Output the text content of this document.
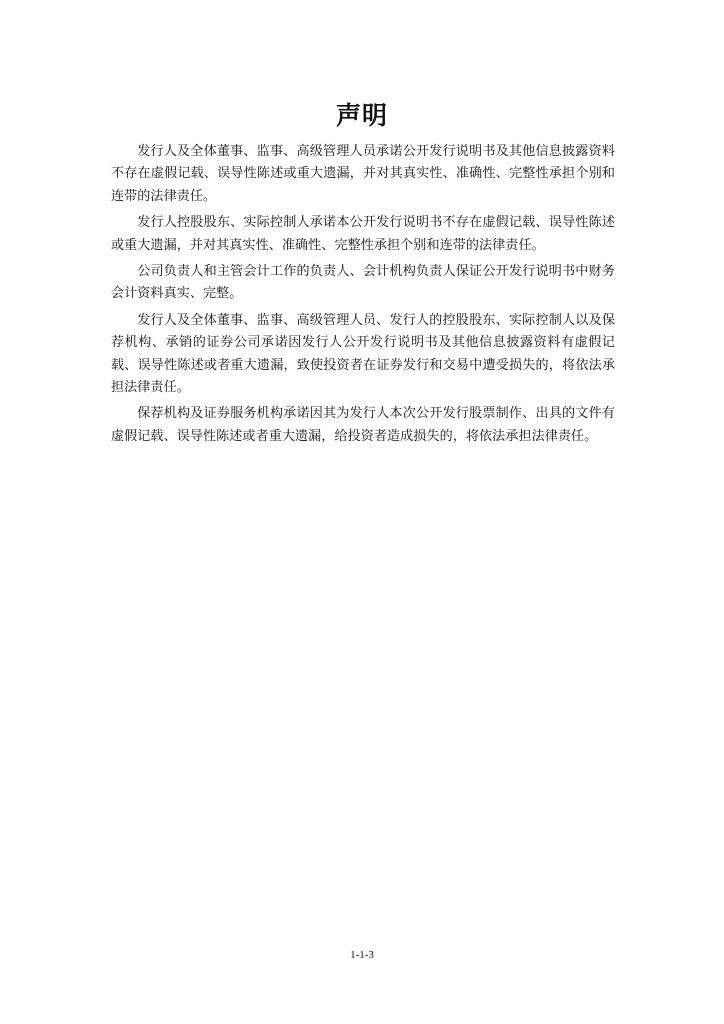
声明

发行人及全体董事、监事、高级管理人员承诺公开发行说明书及其他信息披露资料不存在虚假记载、误导性陈述或重大遗漏，并对其真实性、准确性、完整性承担个别和连带的法律责任。

发行人控股股东、实际控制人承诺本公开发行说明书不存在虚假记载、误导性陈述或重大遗漏，并对其真实性、准确性、完整性承担个别和连带的法律责任。

公司负责人和主管会计工作的负责人、会计机构负责人保证公开发行说明书中财务会计资料真实、完整。

发行人及全体董事、监事、高级管理人员、发行人的控股股东、实际控制人以及保荐机构、承销的证券公司承诺因发行人公开发行说明书及其他信息披露资料有虚假记载、误导性陈述或者重大遗漏，致使投资者在证券发行和交易中遭受损失的，将依法承担法律责任。

保荐机构及证券服务机构承诺因其为发行人本次公开发行股票制作、出具的文件有虚假记载、误导性陈述或者重大遗漏，给投资者造成损失的，将依法承担法律责任。

1-1-3
